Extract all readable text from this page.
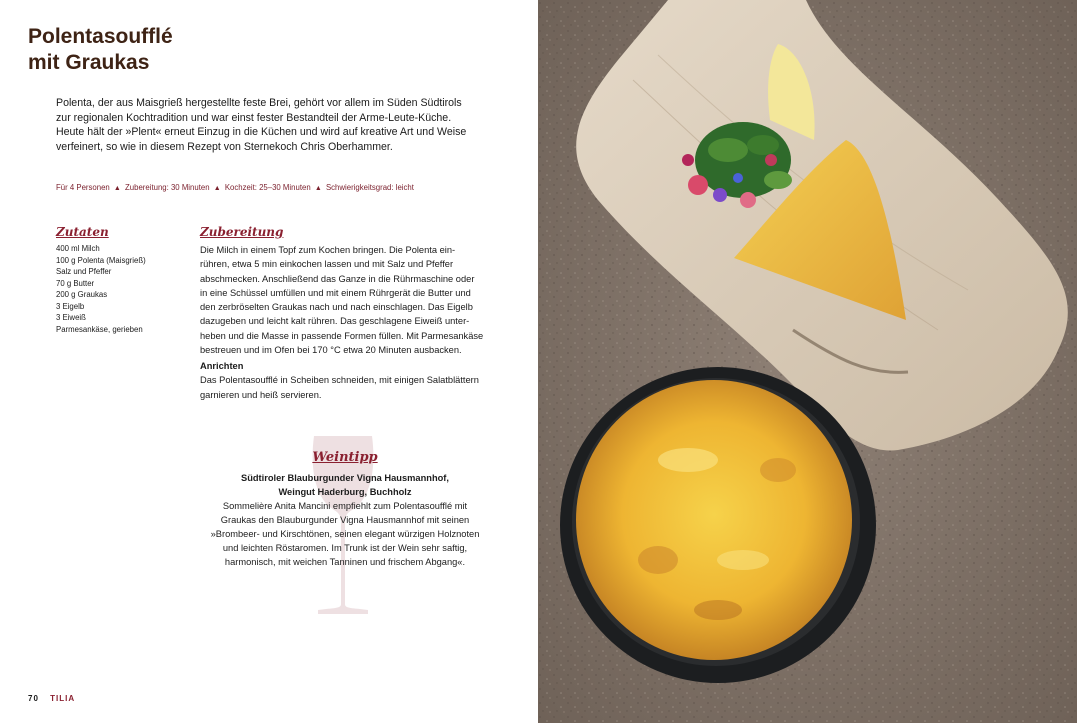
Polentasoufflé
mit Graukas

Polenta, der aus Maisgrieß hergestellte feste Brei, gehört vor allem im Süden Südtirols
zur regionalen Kochtradition und war einst fester Bestandteil der Arme-Leute-Küche.
Heute hält der »Plent« erneut Einzug in die Küchen und wird auf kreative Art und Weise
verfeinert, so wie in diesem Rezept von Sternekoch Chris Oberhammer.

Für 4 Personen ▲ Zubereitung: 30 Minuten ▲ Kochzeit: 25–30 Minuten ▲ Schwierigkeitsgrad: leicht
Zutaten
400 ml Milch
100 g Polenta (Maisgrieß)
Salz und Pfeffer
70 g Butter
200 g Graukas
3 Eigelb
3 Eiweiß
Parmesankäse, gerieben
Zubereitung

Die Milch in einem Topf zum Kochen bringen. Die Polenta ein-
rühren, etwa 5 min einkochen lassen und mit Salz und Pfeffer
abschmecken. Anschließend das Ganze in die Rührmaschine oder
in eine Schüssel umfüllen und mit einem Rührgerät die Butter und
den zerbröselten Graukas nach und nach einschlagen. Das Eigelb
dazugeben und leicht kalt rühren. Das geschlagene Eiweiß unter-
heben und die Masse in passende Formen füllen. Mit Parmesankäse
bestreuen und im Ofen bei 170 °C etwa 20 Minuten ausbacken.

Anrichten

Das Polentasoufflé in Scheiben schneiden, mit einigen Salatblättern
garnieren und heiß servieren.

Weintipp

Südtiroler Blauburgunder Vigna Hausmannhof,
Weingut Haderburg, Buchholz

Sommelière Anita Mancini empfiehlt zum Polentasoufflé mit
Graukas den Blauburgunder Vigna Hausmannhof mit seinen
»Brombeer- und Kirschtönen, seinen elegant würzigen Holznoten
und leichten Röstaromen. Im Trunk ist der Wein sehr saftig,
harmonisch, mit weichen Tanninen und frischem Abgang«.

70 TILIA
